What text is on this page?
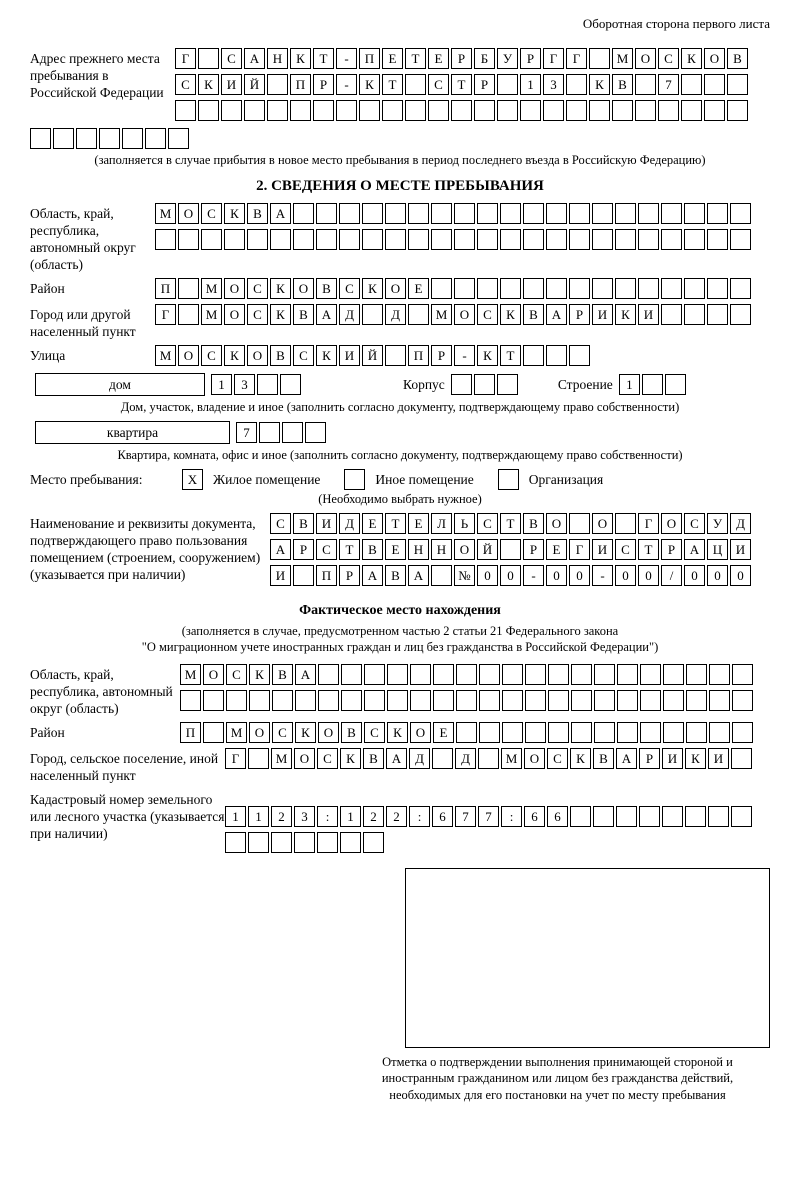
Оборотная сторона первого листа
Адрес прежнего места пребывания в Российской Федерации
Г	С	А	Н	К	Т	-	П	Е	Т	Е	Р	Б	У	Р	Г	Г	М О	С	К	О	В
С	К	И	Й	П	Р	-	К	Т	С	Т	Р	1	3	К	В	7
(заполняется в случае прибытия в новое место пребывания в период последнего въезда в Российскую Федерацию)
2. СВЕДЕНИЯ О МЕСТЕ ПРЕБЫВАНИЯ
Область, край, республика, автономный округ (область)
М О	С	К	В	А
Район	П	М О	С	К	О	В	С	К	О	Е
Город или другой населенный пункт
Г	М О	С	К	В	А	Д	Д	М О	С	К	В	А	Р	И	К	И
Улица	М О	С	К	О	В	С	К	И	Й	П	Р	-	К	Т
дом	1	3	Корпус	Строение	1
Дом, участок, владение и иное (заполнить согласно документу, подтверждающему право собственности)
квартира	7
Квартира, комната, офис и иное (заполнить согласно документу, подтверждающему право собственности)
Место пребывания:	X	Жилое помещение	Иное помещение	Организация
(Необходимо выбрать нужное)
Наименование и реквизиты документа, подтверждающего право пользования помещением (строением, сооружением) (указывается при наличии)
С	В	И	Д	Е	Т	Е	Л	Ь	С	Т	В	О	О	Г	О	С	У	Д
А	Р	С	Т	В	Е	Н	Н	О	Й	Р	Е	Г	И	С	Т	Р	А	Ц	И
И	П	Р	А	В	А	№	0	0	-	0	0	-	0	0	/	0	0	0
Фактическое место нахождения
(заполняется в случае, предусмотренном частью 2 статьи 21 Федерального закона
"О миграционном учете иностранных граждан и лиц без гражданства в Российской Федерации")
Область, край, республика, автономный округ (область)
М О	С	К	В	А
Район	П	М О	С	К	О	В	С	К	О	Е
Город, сельское поселение, иной населенный пункт
Г	М О	С	К	В	А	Д	Д	М О	С	К	В	А	Р	И	К	И
Кадастровый номер земельного или лесного участка (указывается при наличии)
1	1	2	3	:	1	2	2	:	6	7	7	:	6	6
Отметка о подтверждении выполнения принимающей стороной и иностранным гражданином или лицом без гражданства действий, необходимых для его постановки на учет по месту пребывания
